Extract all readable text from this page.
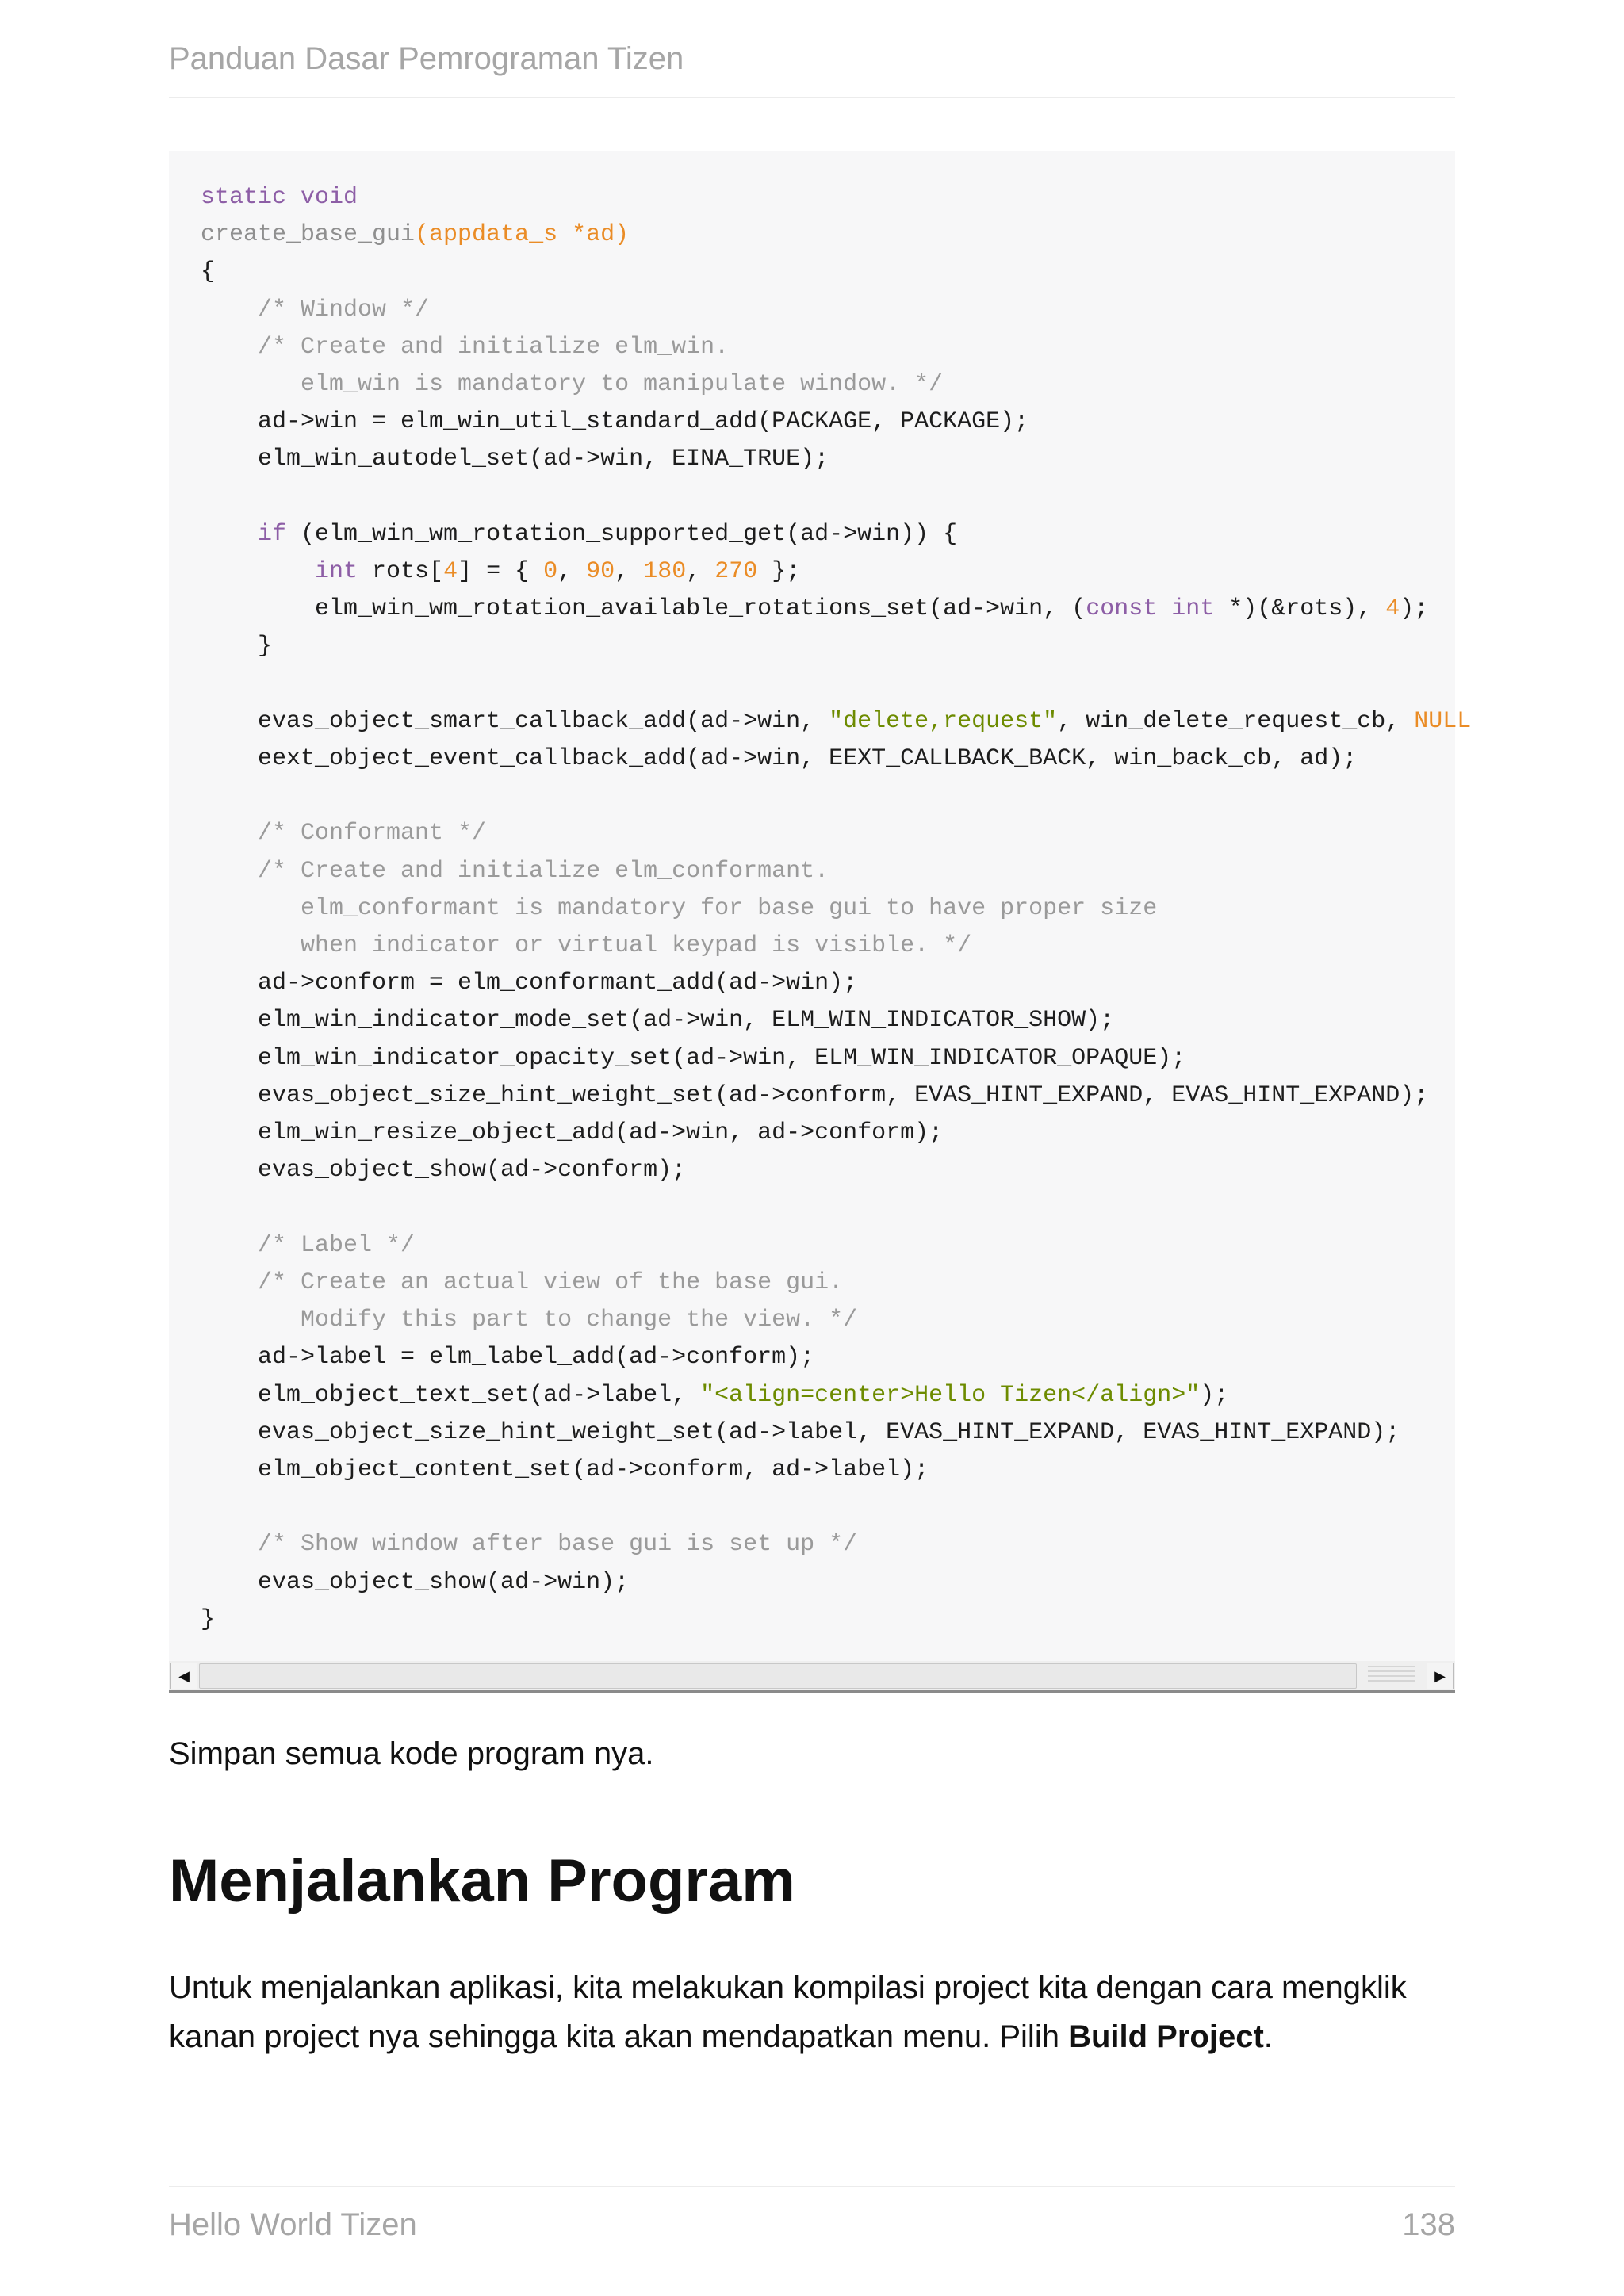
Panduan Dasar Pemrograman Tizen
static void
create_base_gui(appdata_s *ad)
{
/* Window */
/* Create and initialize elm_win.
elm_win is mandatory to manipulate window. */
ad->win = elm_win_util_standard_add(PACKAGE, PACKAGE);
elm_win_autodel_set(ad->win, EINA_TRUE);

if (elm_win_wm_rotation_supported_get(ad->win)) {
int rots[4] = { 0, 90, 180, 270 };
elm_win_wm_rotation_available_rotations_set(ad->win, (const int *)(&rots), 4);
}

evas_object_smart_callback_add(ad->win, "delete,request", win_delete_request_cb, NULL
eext_object_event_callback_add(ad->win, EEXT_CALLBACK_BACK, win_back_cb, ad);

/* Conformant */
/* Create and initialize elm_conformant.
elm_conformant is mandatory for base gui to have proper size
when indicator or virtual keypad is visible. */
ad->conform = elm_conformant_add(ad->win);
elm_win_indicator_mode_set(ad->win, ELM_WIN_INDICATOR_SHOW);
elm_win_indicator_opacity_set(ad->win, ELM_WIN_INDICATOR_OPAQUE);
evas_object_size_hint_weight_set(ad->conform, EVAS_HINT_EXPAND, EVAS_HINT_EXPAND);
elm_win_resize_object_add(ad->win, ad->conform);
evas_object_show(ad->conform);

/* Label */
/* Create an actual view of the base gui.
Modify this part to change the view. */
ad->label = elm_label_add(ad->conform);
elm_object_text_set(ad->label, "<align=center>Hello Tizen</align>");
evas_object_size_hint_weight_set(ad->label, EVAS_HINT_EXPAND, EVAS_HINT_EXPAND);
elm_object_content_set(ad->conform, ad->label);

/* Show window after base gui is set up */
evas_object_show(ad->win);
}
◀	▶

Simpan semua kode program nya.

Menjalankan Program

Untuk menjalankan aplikasi, kita melakukan kompilasi project kita dengan cara mengklik kanan project nya sehingga kita akan mendapatkan menu. Pilih Build Project.

Hello World Tizen	138
